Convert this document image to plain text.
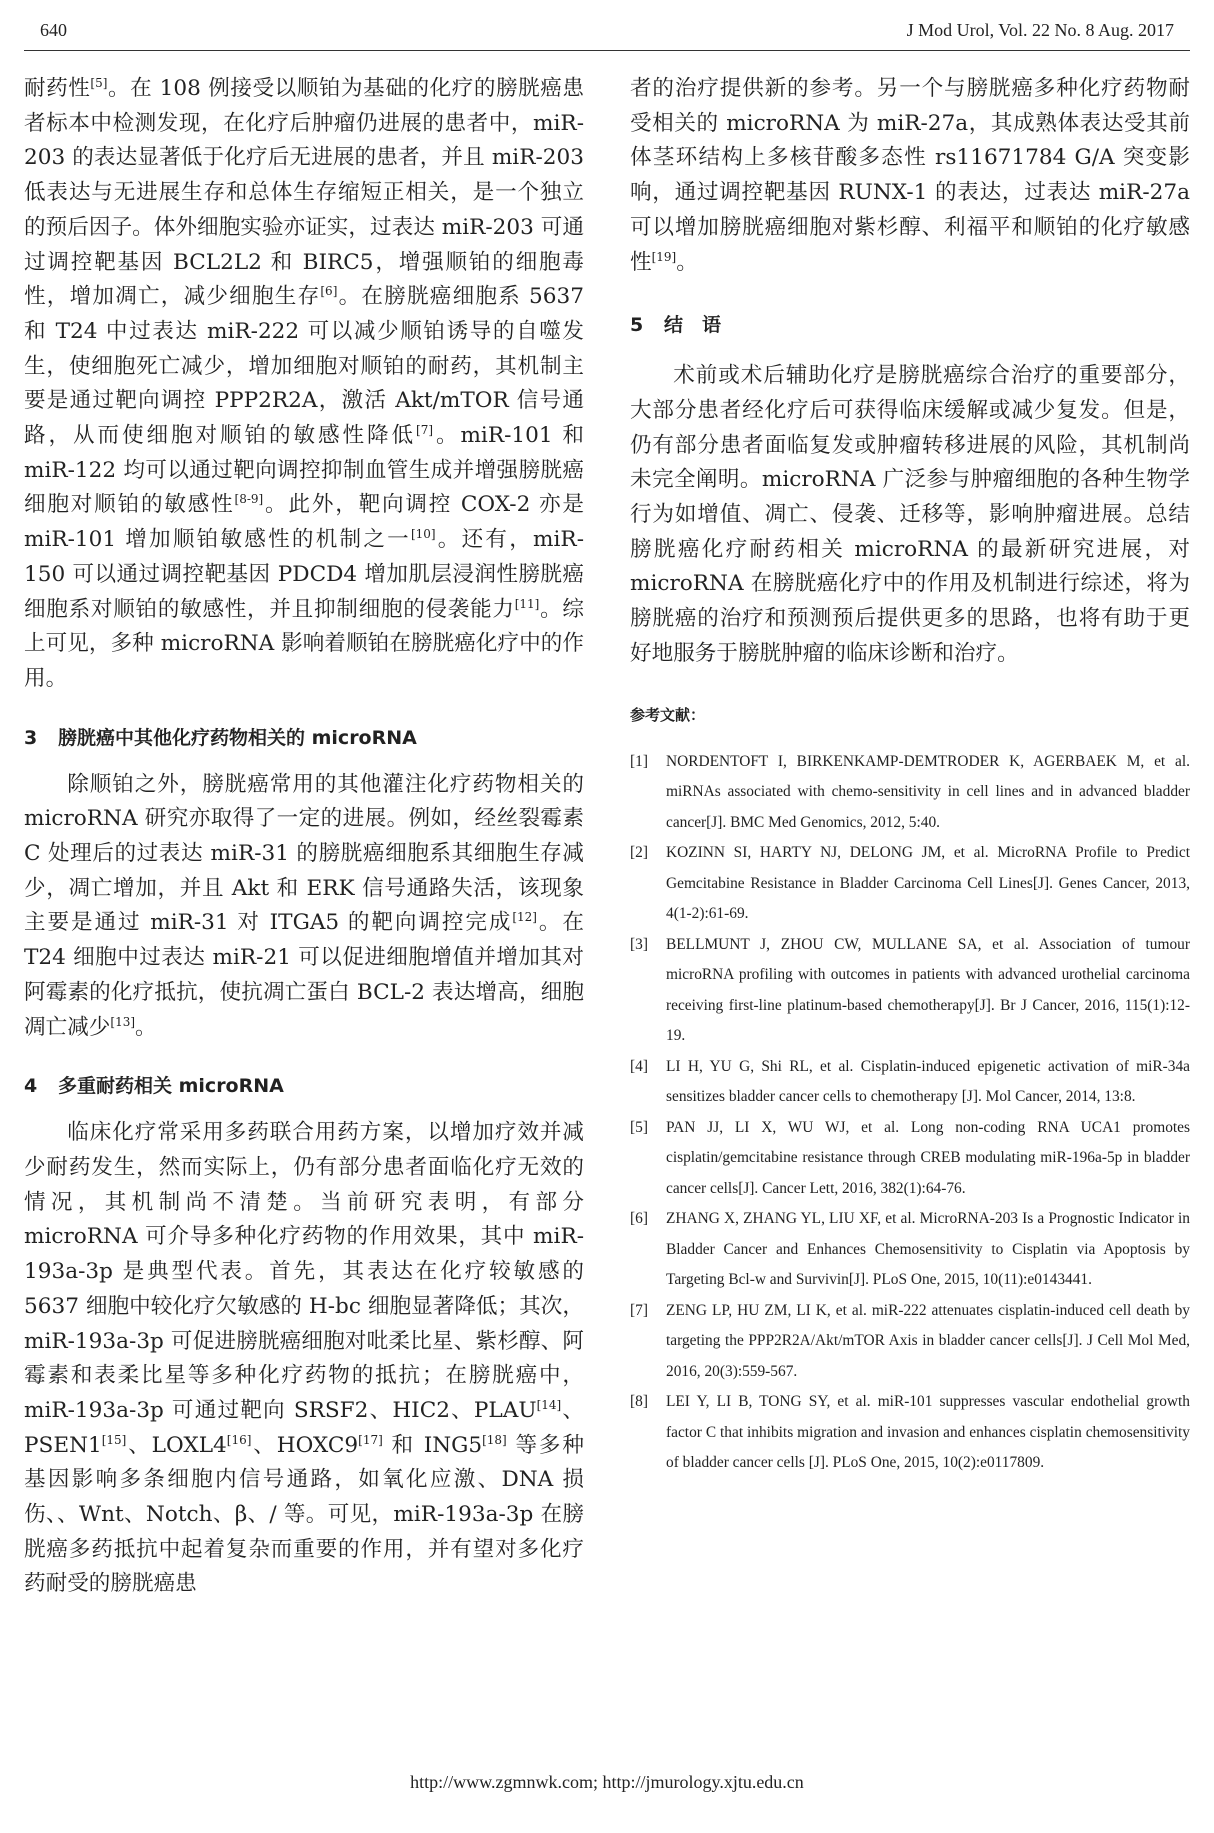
640	J Mod Urol, Vol. 22 No. 8 Aug. 2017

耐药性[5]。在 108 例接受以顺铂为基础的化疗的膀胱癌患者标本中检测发现，在化疗后肿瘤仍进展的患者中，miR-203 的表达显著低于化疗后无进展的患者，并且 miR-203 低表达与无进展生存和总体生存缩短正相关，是一个独立的预后因子。体外细胞实验亦证实，过表达 miR-203 可通过调控靶基因 BCL2L2 和 BIRC5，增强顺铂的细胞毒性，增加凋亡，减少细胞生存[6]。在膀胱癌细胞系 5637 和 T24 中过表达 miR-222 可以减少顺铂诱导的自噬发生，使细胞死亡减少，增加细胞对顺铂的耐药，其机制主要是通过靶向调控 PPP2R2A，激活 Akt/mTOR 信号通路，从而使细胞对顺铂的敏感性降低[7]。miR-101 和 miR-122 均可以通过靶向调控抑制血管生成并增强膀胱癌细胞对顺铂的敏感性[8-9]。此外，靶向调控 COX-2 亦是 miR-101 增加顺铂敏感性的机制之一[10]。还有，miR-150 可以通过调控靶基因 PDCD4 增加肌层浸润性膀胱癌细胞系对顺铂的敏感性，并且抑制细胞的侵袭能力[11]。综上可见，多种 microRNA 影响着顺铂在膀胱癌化疗中的作用。

3 膀胱癌中其他化疗药物相关的 microRNA

除顺铂之外，膀胱癌常用的其他灌注化疗药物相关的 microRNA 研究亦取得了一定的进展。例如，经丝裂霉素 C 处理后的过表达 miR-31 的膀胱癌细胞系其细胞生存减少，凋亡增加，并且 Akt 和 ERK 信号通路失活，该现象主要是通过 miR-31 对 ITGA5 的靶向调控完成[12]。在 T24 细胞中过表达 miR-21 可以促进细胞增值并增加其对阿霉素的化疗抵抗，使抗凋亡蛋白 BCL-2 表达增高，细胞凋亡减少[13]。

4 多重耐药相关 microRNA

临床化疗常采用多药联合用药方案，以增加疗效并减少耐药发生，然而实际上，仍有部分患者面临化疗无效的情况，其机制尚不清楚。当前研究表明，有部分 microRNA 可介导多种化疗药物的作用效果，其中 miR-193a-3p 是典型代表。首先，其表达在化疗较敏感的 5637 细胞中较化疗欠敏感的 H-bc 细胞显著降低；其次，miR-193a-3p 可促进膀胱癌细胞对吡柔比星、紫杉醇、阿霉素和表柔比星等多种化疗药物的抵抗；在膀胱癌中，miR-193a-3p 可通过靶向 SRSF2、HIC2、PLAU[14]、PSEN1[15]、LOXL4[16]、HOXC9[17] 和 ING5[18] 等多种基因影响多条细胞内信号通路，如氧化应激、DNA 损伤、、Wnt、Notch、β、/ 等。可见，miR-193a-3p 在膀胱癌多药抵抗中起着复杂而重要的作用，并有望对多化疗药耐受的膀胱癌患

者的治疗提供新的参考。另一个与膀胱癌多种化疗药物耐受相关的 microRNA 为 miR-27a，其成熟体表达受其前体茎环结构上多核苷酸多态性 rs11671784 G/A 突变影响，通过调控靶基因 RUNX-1 的表达，过表达 miR-27a 可以增加膀胱癌细胞对紫杉醇、利福平和顺铂的化疗敏感性[19]。

5 结　语

术前或术后辅助化疗是膀胱癌综合治疗的重要部分，大部分患者经化疗后可获得临床缓解或减少复发。但是，仍有部分患者面临复发或肿瘤转移进展的风险，其机制尚未完全阐明。microRNA 广泛参与肿瘤细胞的各种生物学行为如增值、凋亡、侵袭、迁移等，影响肿瘤进展。总结膀胱癌化疗耐药相关 microRNA 的最新研究进展，对 microRNA 在膀胱癌化疗中的作用及机制进行综述，将为膀胱癌的治疗和预测预后提供更多的思路，也将有助于更好地服务于膀胱肿瘤的临床诊断和治疗。

参考文献：

[1] NORDENTOFT I, BIRKENKAMP-DEMTRODER K, AGERBAEK M, et al. miRNAs associated with chemo-sensitivity in cell lines and in advanced bladder cancer[J]. BMC Med Genomics, 2012, 5:40.

[2] KOZINN SI, HARTY NJ, DELONG JM, et al. MicroRNA Profile to Predict Gemcitabine Resistance in Bladder Carcinoma Cell Lines[J]. Genes Cancer, 2013, 4(1-2):61-69.

[3] BELLMUNT J, ZHOU CW, MULLANE SA, et al. Association of tumour microRNA profiling with outcomes in patients with advanced urothelial carcinoma receiving first-line platinum-based chemotherapy[J]. Br J Cancer, 2016, 115(1):12-19.

[4] LI H, YU G, Shi RL, et al. Cisplatin-induced epigenetic activation of miR-34a sensitizes bladder cancer cells to chemotherapy [J]. Mol Cancer, 2014, 13:8.

[5] PAN JJ, LI X, WU WJ, et al. Long non-coding RNA UCA1 promotes cisplatin/gemcitabine resistance through CREB modulating miR-196a-5p in bladder cancer cells[J]. Cancer Lett, 2016, 382(1):64-76.

[6] ZHANG X, ZHANG YL, LIU XF, et al. MicroRNA-203 Is a Prognostic Indicator in Bladder Cancer and Enhances Chemosensitivity to Cisplatin via Apoptosis by Targeting Bcl-w and Survivin[J]. PLoS One, 2015, 10(11):e0143441.

[7] ZENG LP, HU ZM, LI K, et al. miR-222 attenuates cisplatin-induced cell death by targeting the PPP2R2A/Akt/mTOR Axis in bladder cancer cells[J]. J Cell Mol Med, 2016, 20(3):559-567.

[8] LEI Y, LI B, TONG SY, et al. miR-101 suppresses vascular endothelial growth factor C that inhibits migration and invasion and enhances cisplatin chemosensitivity of bladder cancer cells [J]. PLoS One, 2015, 10(2):e0117809.

http://www.zgmnwk.com; http://jmurology.xjtu.edu.cn
